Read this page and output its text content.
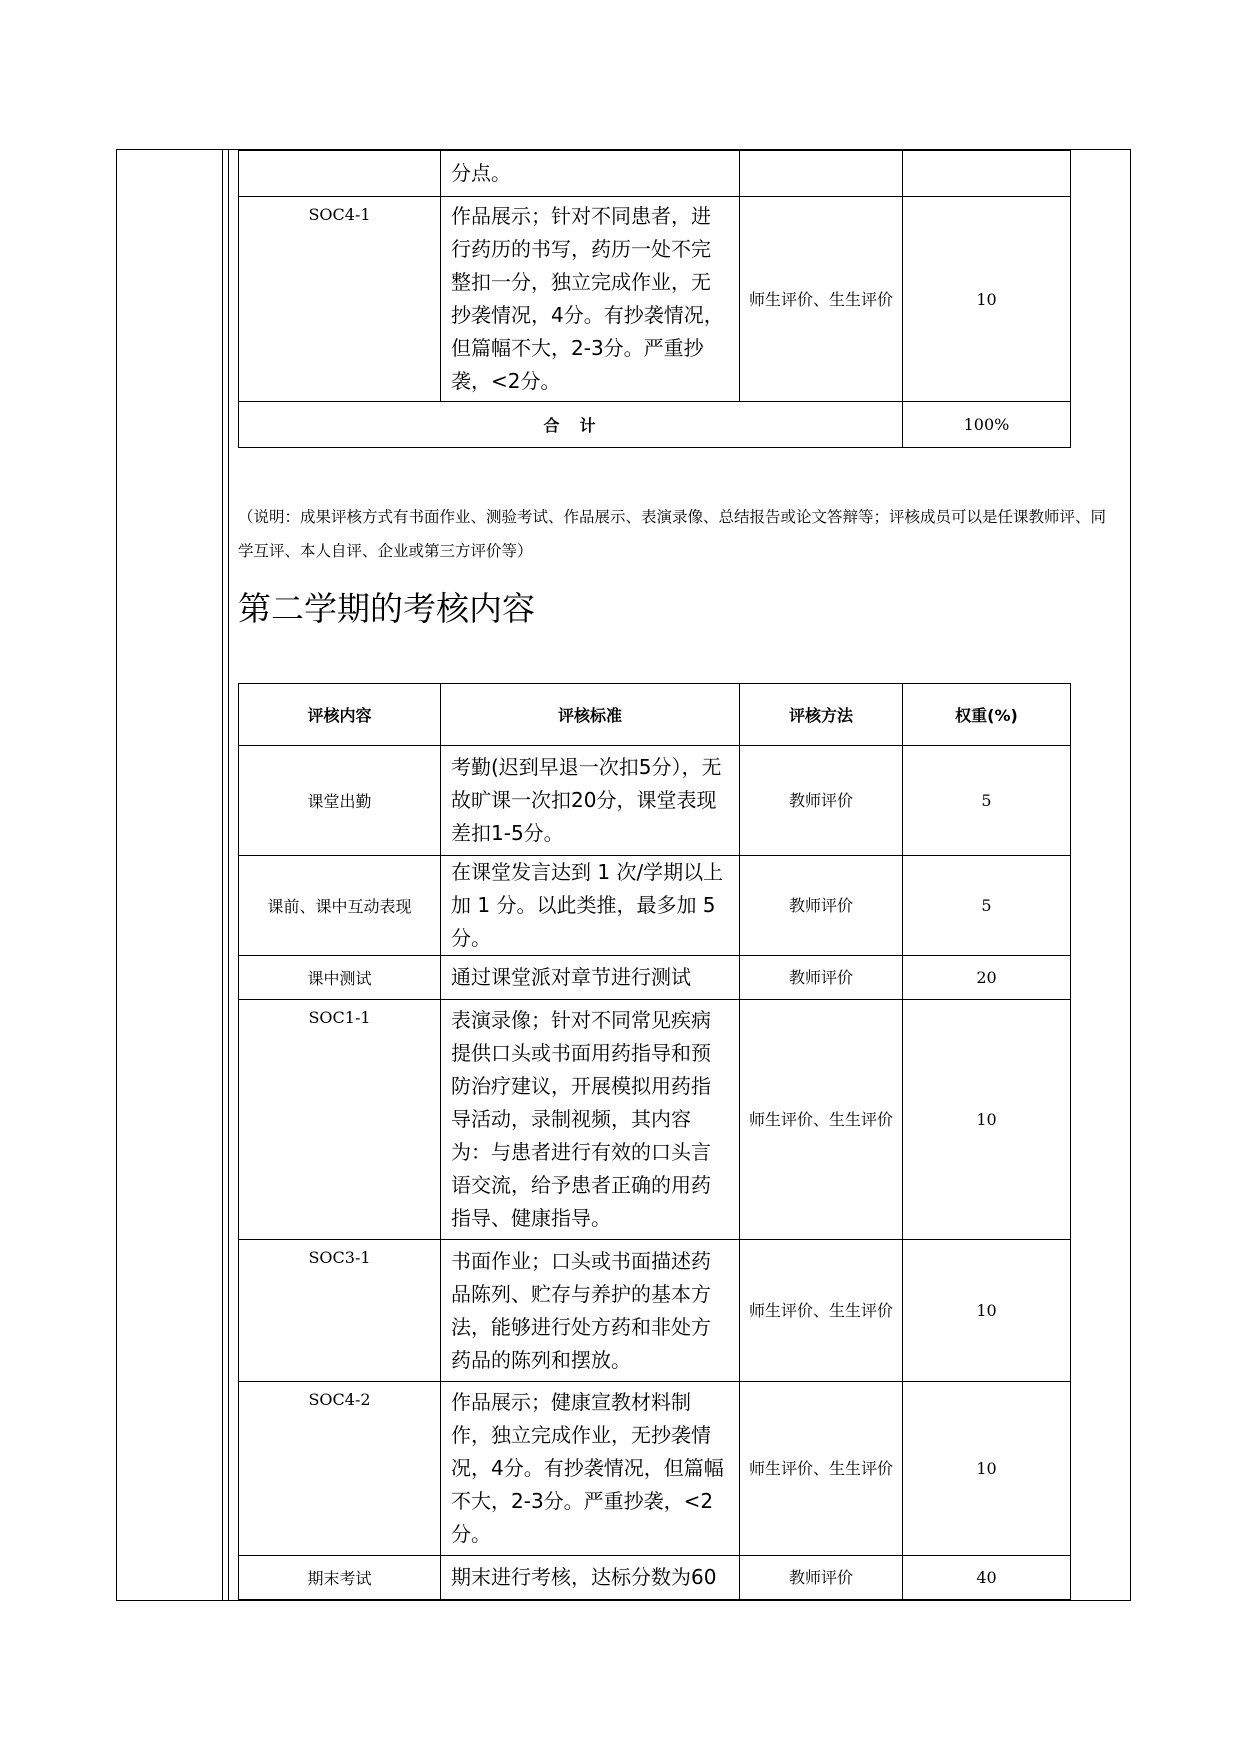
	分点。		
SOC4-1	作品展示；针对不同患者，进行药历的书写，药历一处不完整扣一分，独立完成作业，无抄袭情况，4分。有抄袭情况，但篇幅不大，2-3分。严重抄袭，<2分。	师生评价、生生评价	10
合　计			100%
（说明：成果评核方式有书面作业、测验考试、作品展示、表演录像、总结报告或论文答辩等；评核成员可以是任课教师评、同学互评、本人自评、企业或第三方评价等）
第二学期的考核内容
评核内容	评核标准	评核方法	权重(%)
课堂出勤	考勤(迟到早退一次扣5分），无故旷课一次扣20分，课堂表现差扣1-5分。	教师评价	5
课前、课中互动表现	在课堂发言达到 1 次/学期以上加 1 分。以此类推，最多加 5 分。	教师评价	5
课中测试	通过课堂派对章节进行测试	教师评价	20
SOC1-1	表演录像；针对不同常见疾病提供口头或书面用药指导和预防治疗建议，开展模拟用药指导活动，录制视频，其内容为：与患者进行有效的口头言语交流，给予患者正确的用药指导、健康指导。	师生评价、生生评价	10
SOC3-1	书面作业；口头或书面描述药品陈列、贮存与养护的基本方法，能够进行处方药和非处方药品的陈列和摆放。	师生评价、生生评价	10
SOC4-2	作品展示；健康宣教材料制作，独立完成作业，无抄袭情况，4分。有抄袭情况，但篇幅不大，2-3分。严重抄袭，<2分。	师生评价、生生评价	10
期末考试	期末进行考核，达标分数为60	教师评价	40
